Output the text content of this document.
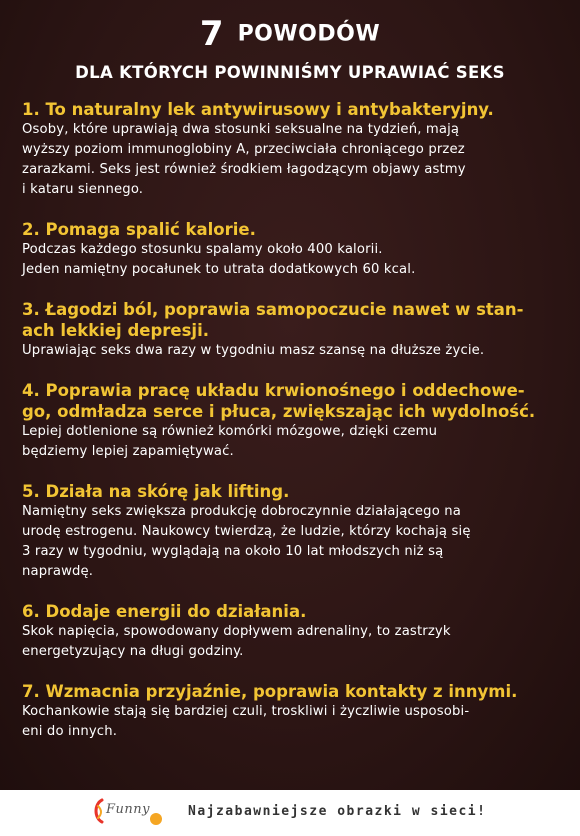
7 POWODÓW
DLA KTÓRYCH POWINNIŚMY UPRAWIAĆ SEKS
1. To naturalny lek antywirusowy i antybakteryjny.
Osoby, które uprawiają dwa stosunki seksualne na tydzień, mają
wyższy poziom immunoglobiny A, przeciwciała chroniącego przez
zarazkami. Seks jest również środkiem łagodzącym objawy astmy
i kataru siennego.
2. Pomaga spalić kalorie.
Podczas każdego stosunku spalamy około 400 kalorii.
Jeden namiętny pocałunek to utrata dodatkowych 60 kcal.
3. Łagodzi ból, poprawia samopoczucie nawet w stan-
ach lekkiej depresji.
Uprawiając seks dwa razy w tygodniu masz szansę na dłuższe życie.
4. Poprawia pracę układu krwionośnego i oddechowe-
go, odmładza serce i płuca, zwiększając ich wydolność.
Lepiej dotlenione są również komórki mózgowe, dzięki czemu
będziemy lepiej zapamiętywać.
5. Działa na skórę jak lifting.
Namiętny seks zwiększa produkcję dobroczynnie działającego na
urodę estrogenu. Naukowcy twierdzą, że ludzie, którzy kochają się
3 razy w tygodniu, wyglądają na około 10 lat młodszych niż są
naprawdę.
6. Dodaje energii do działania.
Skok napięcia, spowodowany dopływem adrenaliny, to zastrzyk
energetyzujący na długi godziny.
7. Wzmacnia przyjaźnie, poprawia kontakty z innymi.
Kochankowie stają się bardziej czuli, troskliwi i życzliwie usposobi-
eni do innych.
Funny	Najzabawniejsze obrazki w sieci!
